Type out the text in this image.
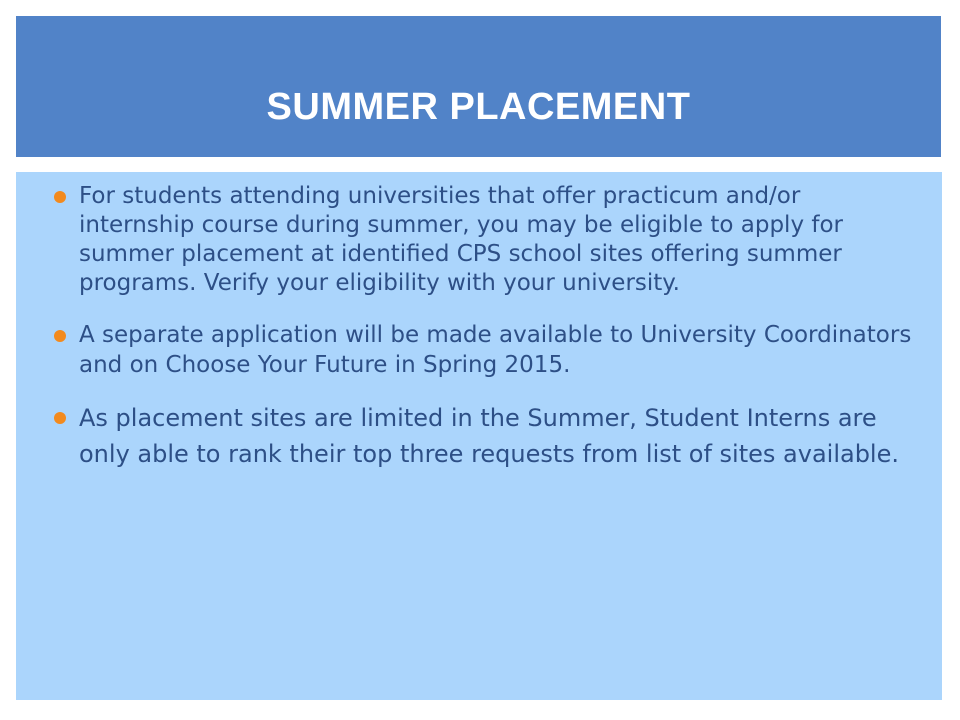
SUMMER PLACEMENT
For students attending universities that offer practicum and/or internship course during summer, you may be eligible to apply for summer placement at identified CPS school sites offering summer programs. Verify your eligibility with your university.
A separate application will be made available to University Coordinators and on Choose Your Future in Spring 2015.
As placement sites are limited in the Summer, Student Interns are only able to rank their top three requests from list of sites available.
